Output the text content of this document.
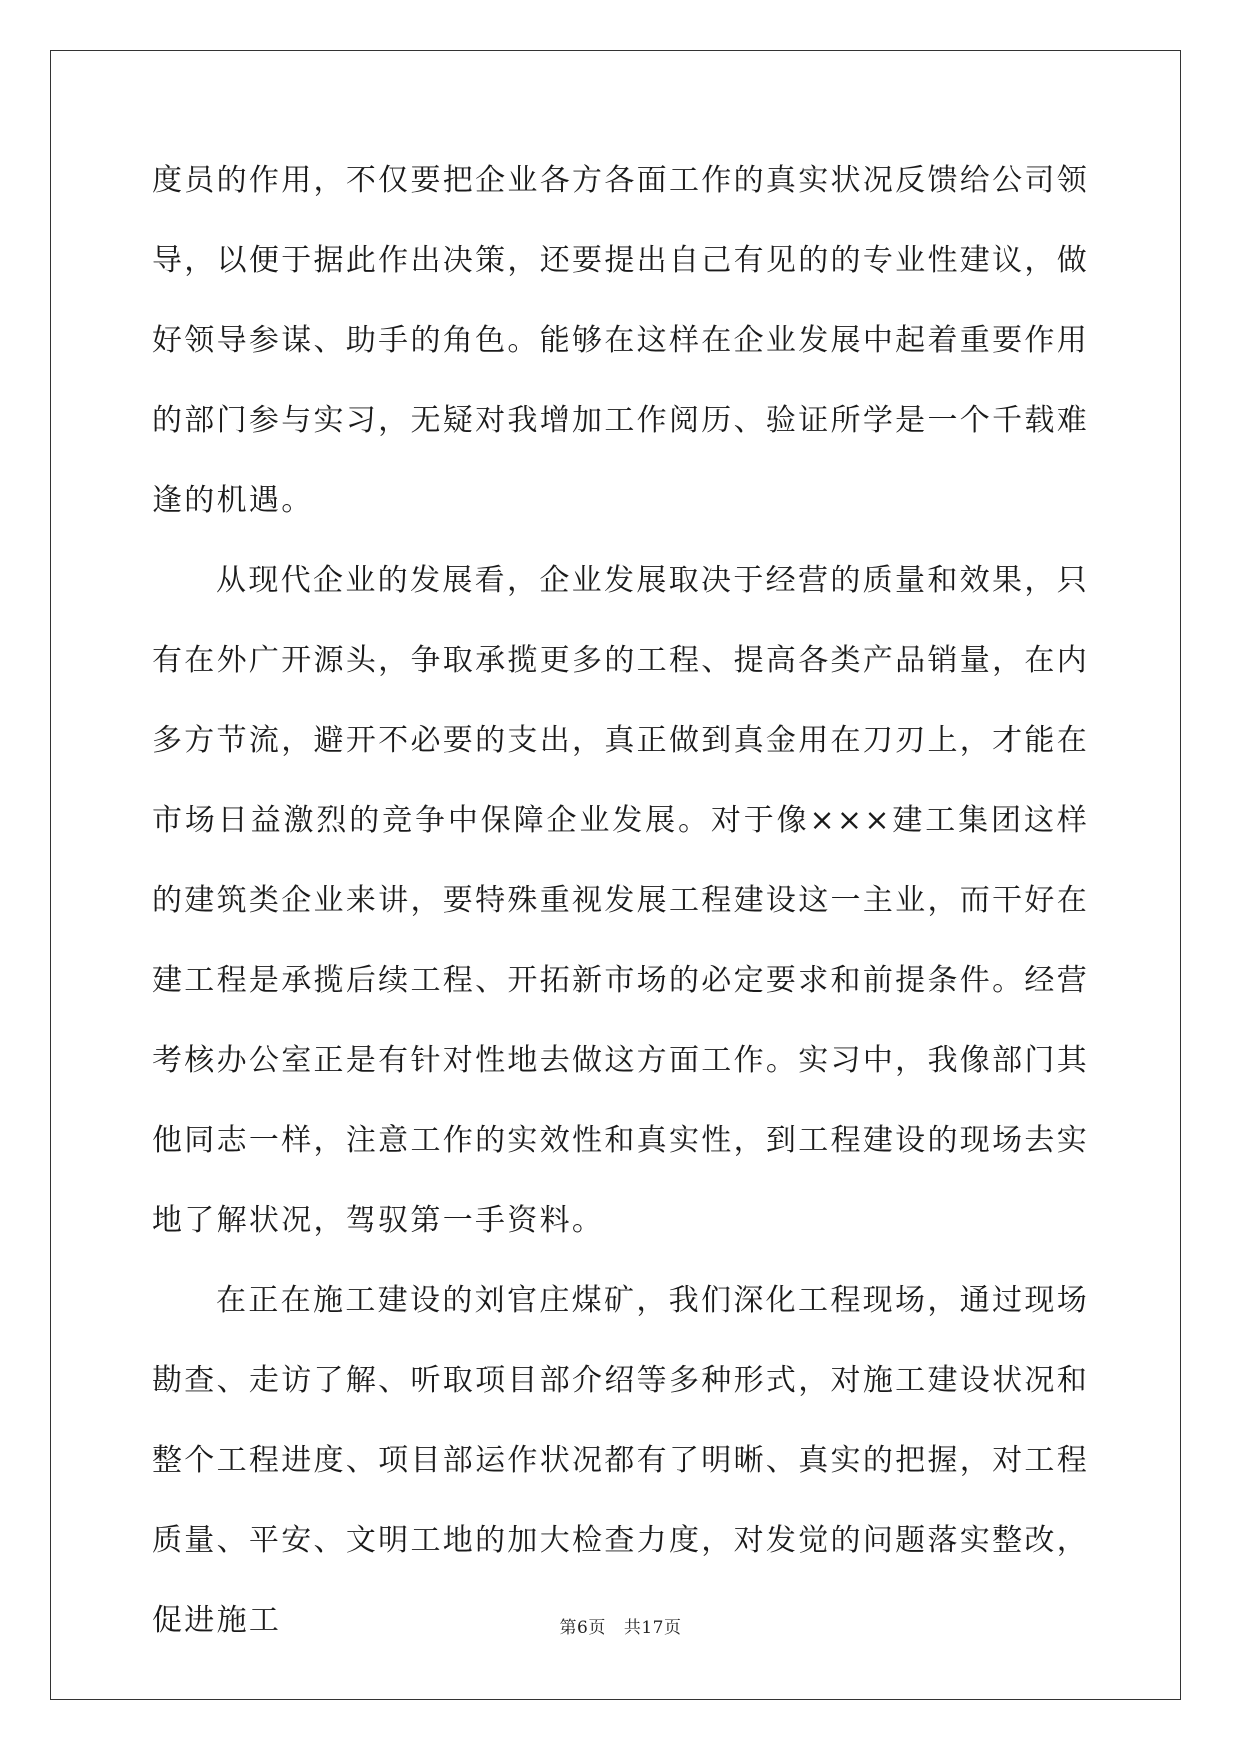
度员的作用，不仅要把企业各方各面工作的真实状况反馈给公司领导，以便于据此作出决策，还要提出自己有见的的专业性建议，做好领导参谋、助手的角色。能够在这样在企业发展中起着重要作用的部门参与实习，无疑对我增加工作阅历、验证所学是一个千载难逢的机遇。

从现代企业的发展看，企业发展取决于经营的质量和效果，只有在外广开源头，争取承揽更多的工程、提高各类产品销量，在内多方节流，避开不必要的支出，真正做到真金用在刀刃上，才能在市场日益激烈的竞争中保障企业发展。对于像×××建工集团这样的建筑类企业来讲，要特殊重视发展工程建设这一主业，而干好在建工程是承揽后续工程、开拓新市场的必定要求和前提条件。经营考核办公室正是有针对性地去做这方面工作。实习中，我像部门其他同志一样，注意工作的实效性和真实性，到工程建设的现场去实地了解状况，驾驭第一手资料。

在正在施工建设的刘官庄煤矿，我们深化工程现场，通过现场勘查、走访了解、听取项目部介绍等多种形式，对施工建设状况和整个工程进度、项目部运作状况都有了明晰、真实的把握，对工程质量、平安、文明工地的加大检查力度，对发觉的问题落实整改，促进施工	第6页 共17页
